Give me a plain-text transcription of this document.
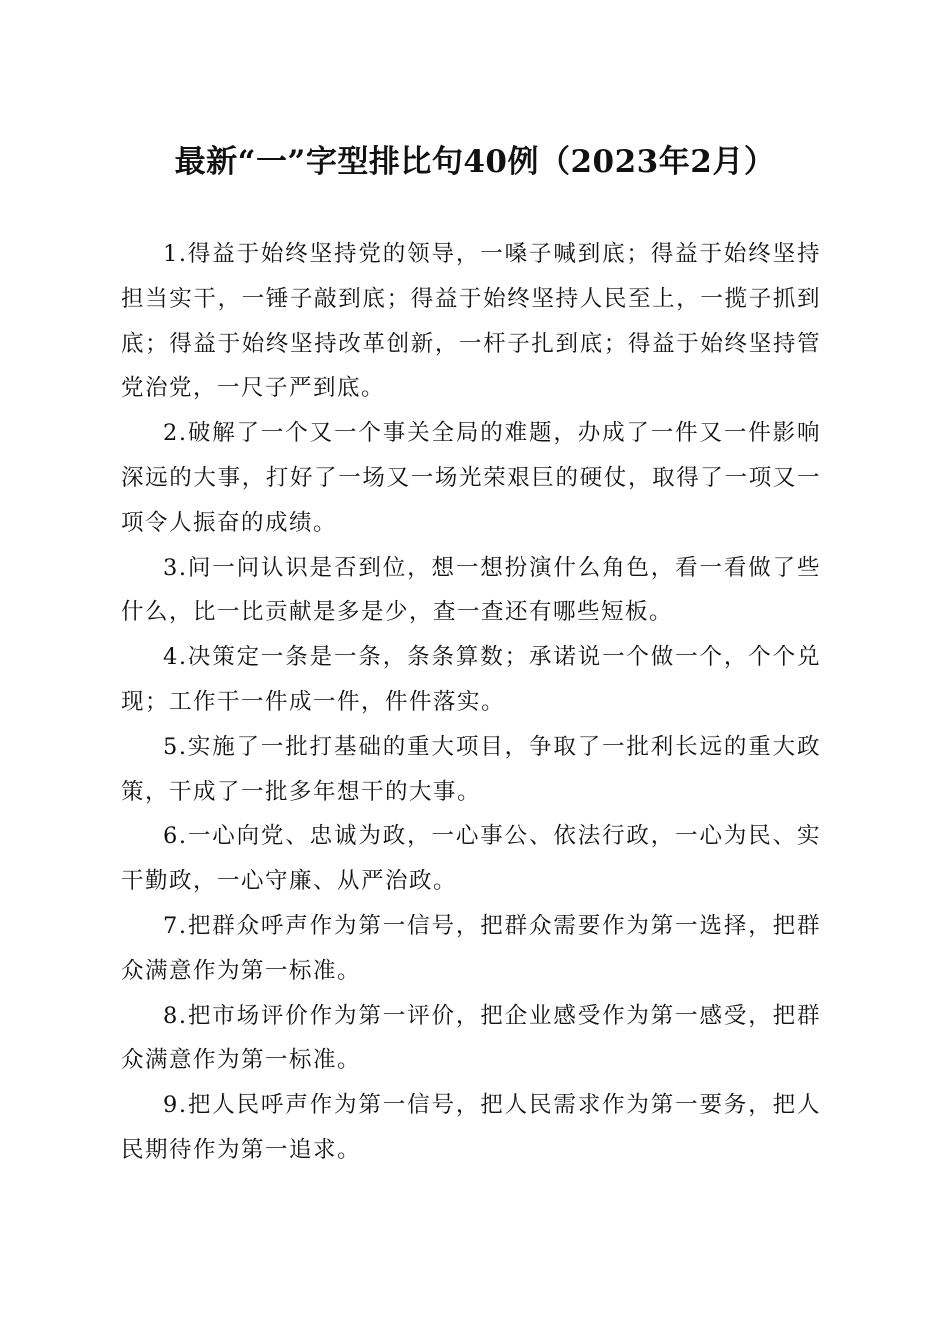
最新“一”字型排比句40例（2023年2月）

1.得益于始终坚持党的领导，一嗓子喊到底；得益于始终坚持担当实干，一锤子敲到底；得益于始终坚持人民至上，一揽子抓到底；得益于始终坚持改革创新，一杆子扎到底；得益于始终坚持管党治党，一尺子严到底。

2.破解了一个又一个事关全局的难题，办成了一件又一件影响深远的大事，打好了一场又一场光荣艰巨的硬仗，取得了一项又一项令人振奋的成绩。

3.问一问认识是否到位，想一想扮演什么角色，看一看做了些什么，比一比贡献是多是少，查一查还有哪些短板。

4.决策定一条是一条，条条算数；承诺说一个做一个，个个兑现；工作干一件成一件，件件落实。

5.实施了一批打基础的重大项目，争取了一批利长远的重大政策，干成了一批多年想干的大事。

6.一心向党、忠诚为政，一心事公、依法行政，一心为民、实干勤政，一心守廉、从严治政。

7.把群众呼声作为第一信号，把群众需要作为第一选择，把群众满意作为第一标准。

8.把市场评价作为第一评价，把企业感受作为第一感受，把群众满意作为第一标准。

9.把人民呼声作为第一信号，把人民需求作为第一要务，把人民期待作为第一追求。
